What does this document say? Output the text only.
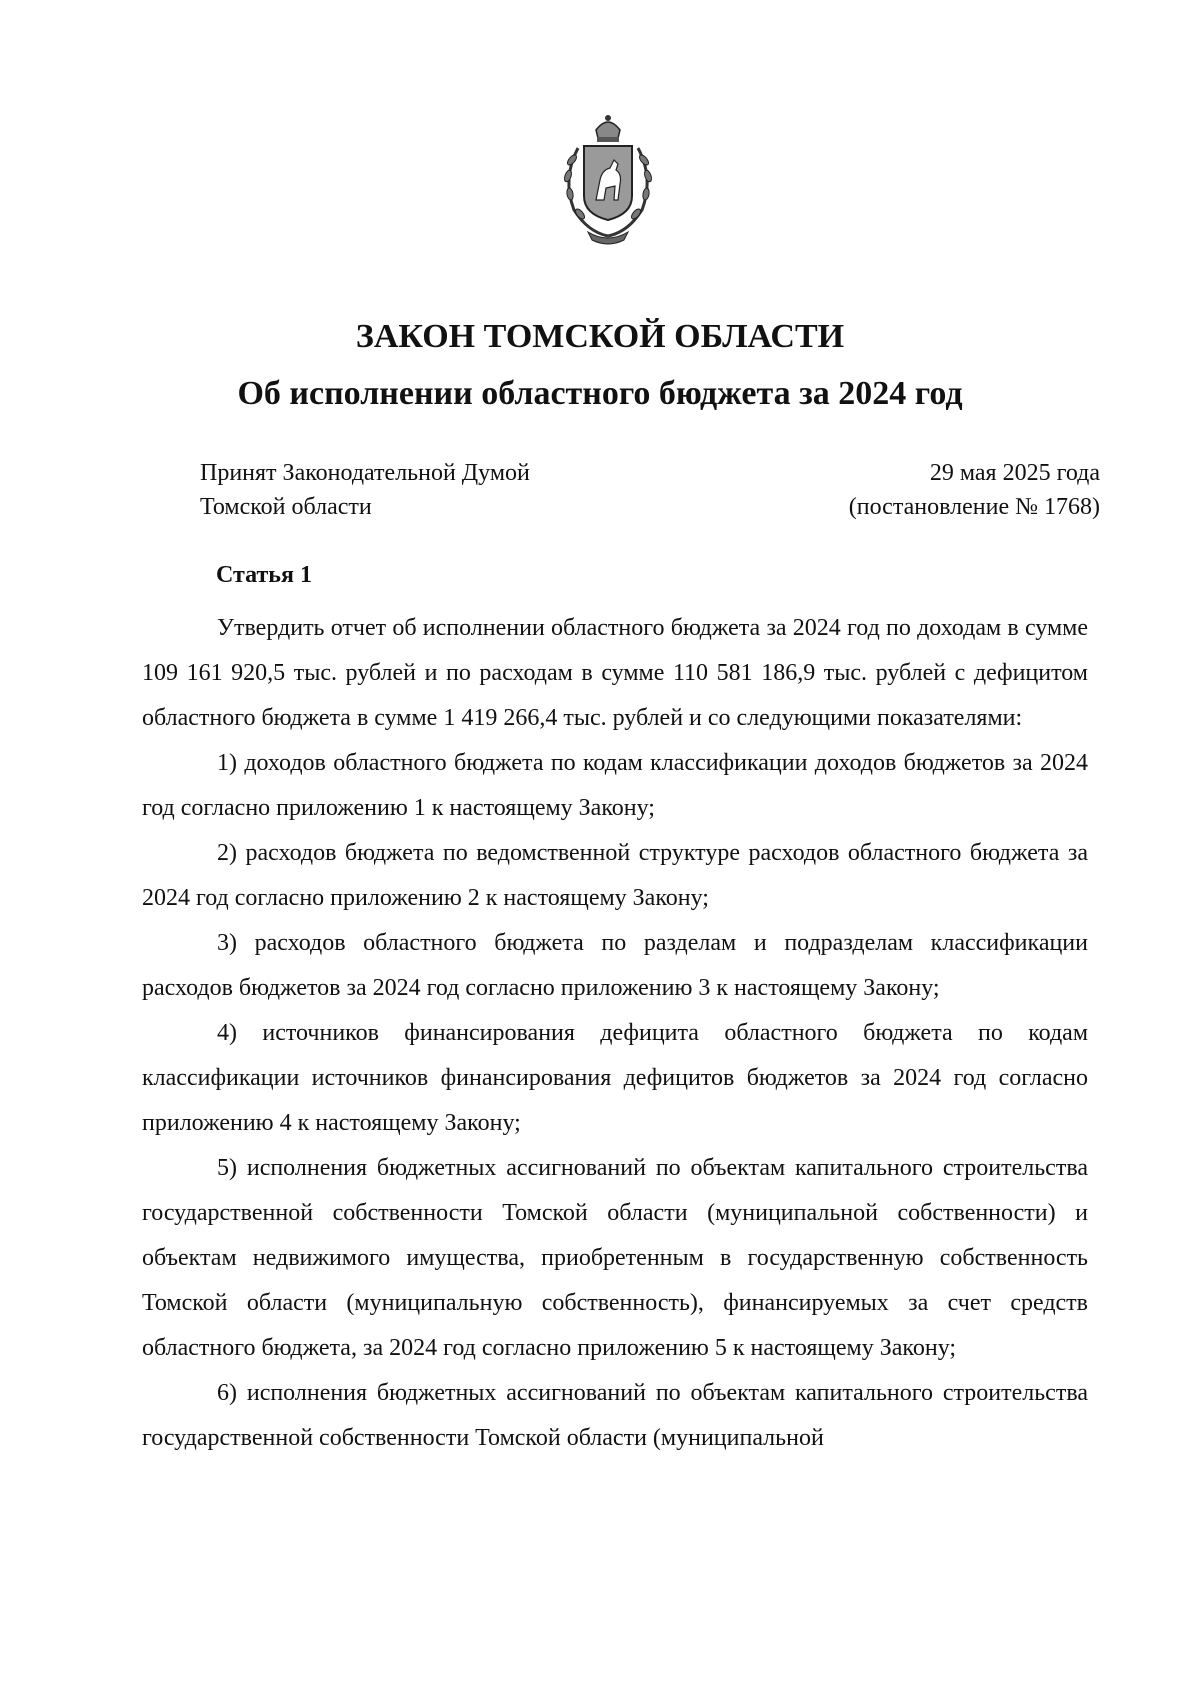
ЗАКОН ТОМСКОЙ ОБЛАСТИ
Об исполнении областного бюджета за 2024 год
Принят Законодательной Думой
Томской области
29 мая 2025 года
(постановление № 1768)
Статья 1

Утвердить отчет об исполнении областного бюджета за 2024 год по доходам в сумме 109 161 920,5 тыс. рублей и по расходам в сумме 110 581 186,9 тыс. рублей с дефицитом областного бюджета в сумме 1 419 266,4 тыс. рублей и со следующими показателями:

1) доходов областного бюджета по кодам классификации доходов бюджетов за 2024 год согласно приложению 1 к настоящему Закону;

2) расходов бюджета по ведомственной структуре расходов областного бюджета за 2024 год согласно приложению 2 к настоящему Закону;

3) расходов областного бюджета по разделам и подразделам классификации расходов бюджетов за 2024 год согласно приложению 3 к настоящему Закону;

4) источников финансирования дефицита областного бюджета по кодам классификации источников финансирования дефицитов бюджетов за 2024 год согласно приложению 4 к настоящему Закону;

5) исполнения бюджетных ассигнований по объектам капитального строительства государственной собственности Томской области (муниципальной собственности) и объектам недвижимого имущества, приобретенным в государственную собственность Томской области (муниципальную собственность), финансируемых за счет средств областного бюджета, за 2024 год согласно приложению 5 к настоящему Закону;

6) исполнения бюджетных ассигнований по объектам капитального строительства государственной собственности Томской области (муниципальной
